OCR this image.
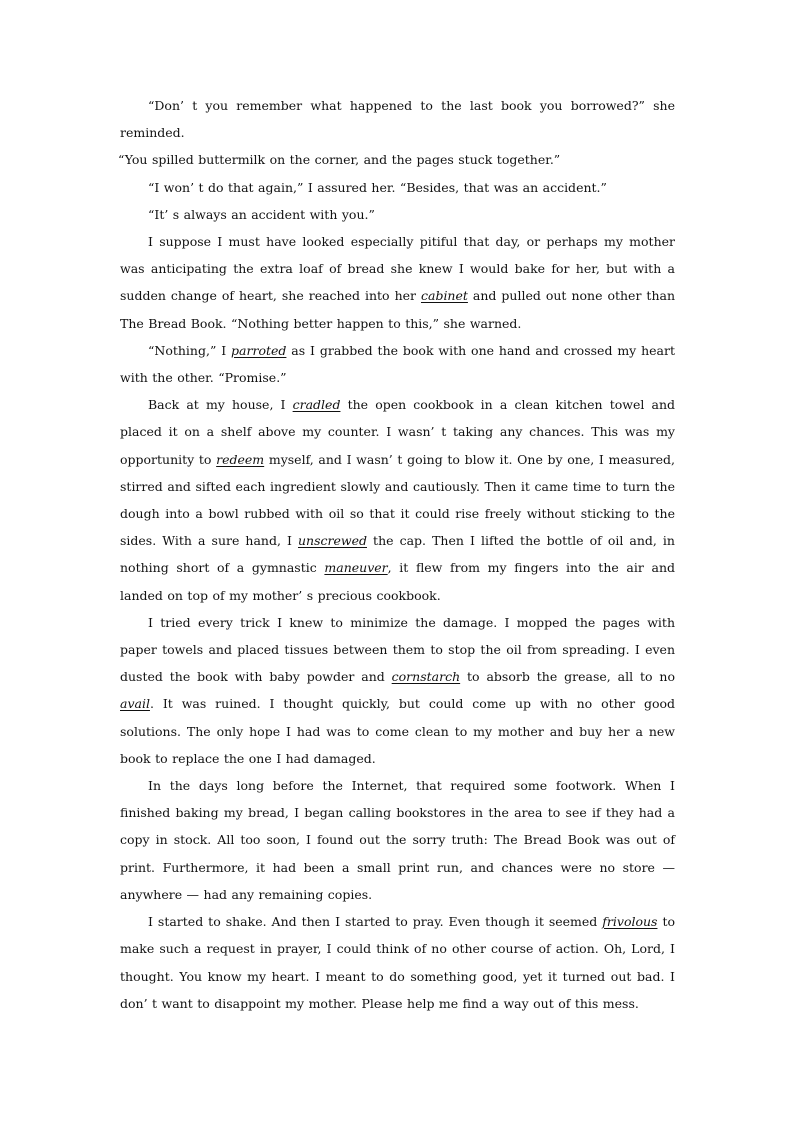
“Don’ t you remember what happened to the last book you borrowed?” she reminded.

“You spilled buttermilk on the corner, and the pages stuck together.”

“I won’ t do that again,” I assured her. “Besides, that was an accident.”

“It’ s always an accident with you.”

I suppose I must have looked especially pitiful that day, or perhaps my mother was anticipating the extra loaf of bread she knew I would bake for her, but with a sudden change of heart, she reached into her cabinet and pulled out none other than The Bread Book. “Nothing better happen to this,” she warned.

“Nothing,” I parroted as I grabbed the book with one hand and crossed my heart with the other. “Promise.”

Back at my house, I cradled the open cookbook in a clean kitchen towel and placed it on a shelf above my counter. I wasn’ t taking any chances. This was my opportunity to redeem myself, and I wasn’ t going to blow it. One by one, I measured, stirred and sifted each ingredient slowly and cautiously. Then it came time to turn the dough into a bowl rubbed with oil so that it could rise freely without sticking to the sides. With a sure hand, I unscrewed the cap. Then I lifted the bottle of oil and, in nothing short of a gymnastic maneuver, it flew from my fingers into the air and landed on top of my mother’ s precious cookbook.

I tried every trick I knew to minimize the damage. I mopped the pages with paper towels and placed tissues between them to stop the oil from spreading. I even dusted the book with baby powder and cornstarch to absorb the grease, all to no avail. It was ruined. I thought quickly, but could come up with no other good solutions. The only hope I had was to come clean to my mother and buy her a new book to replace the one I had damaged.

In the days long before the Internet, that required some footwork. When I finished baking my bread, I began calling bookstores in the area to see if they had a copy in stock. All too soon, I found out the sorry truth: The Bread Book was out of print. Furthermore, it had been a small print run, and chances were no store — anywhere — had any remaining copies.

I started to shake. And then I started to pray. Even though it seemed frivolous to make such a request in prayer, I could think of no other course of action. Oh, Lord, I thought. You know my heart. I meant to do something good, yet it turned out bad. I don’ t want to disappoint my mother. Please help me find a way out of this mess.
